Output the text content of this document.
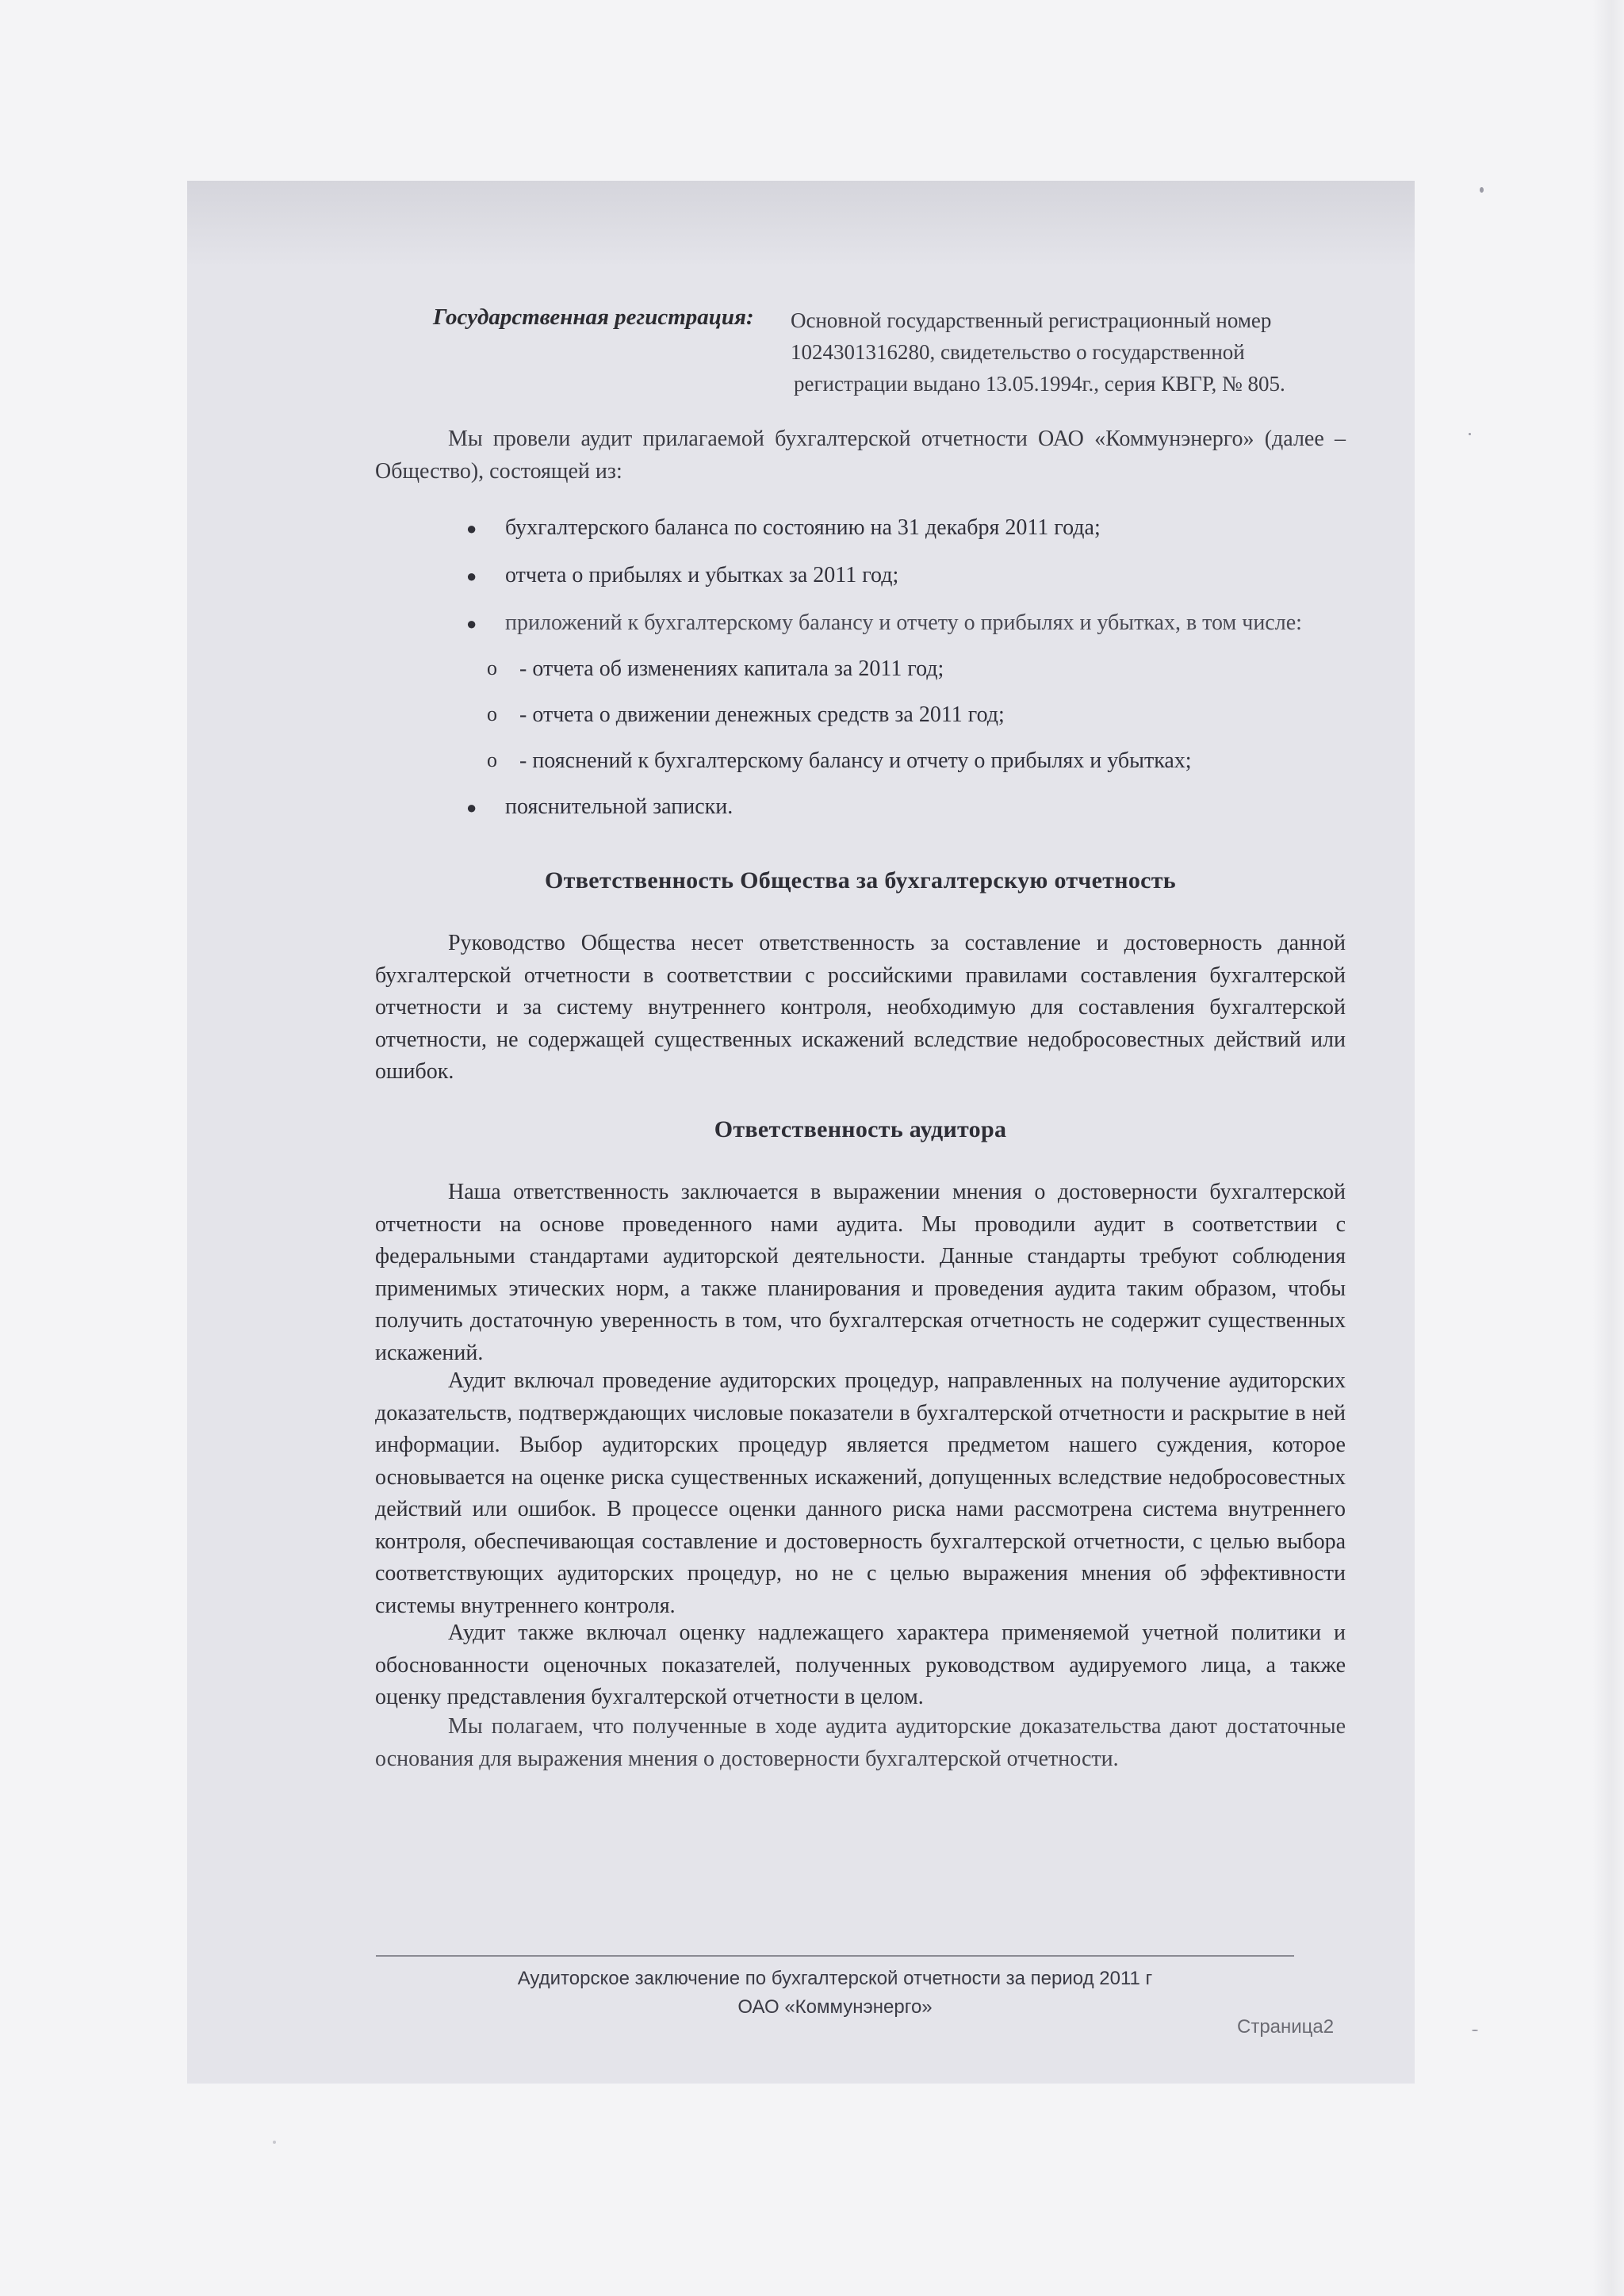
Государственная регистрация: Основной государственный регистрационный номер
1024301316280, свидетельство о государственной
регистрации выдано 13.05.1994г., серия КВГР, № 805.
Мы провели аудит прилагаемой бухгалтерской отчетности ОАО «Коммунэнерго» (далее – Общество), состоящей из:
● бухгалтерского баланса по состоянию на 31 декабря 2011 года;
● отчета о прибылях и убытках за 2011 год;
● приложений к бухгалтерскому балансу и отчету о прибылях и убытках, в том числе:
o - отчета об изменениях капитала за 2011 год;
o - отчета о движении денежных средств за 2011 год;
o - пояснений к бухгалтерскому балансу и отчету о прибылях и убытках;
● пояснительной записки.
Ответственность Общества за бухгалтерскую отчетность
Руководство Общества несет ответственность за составление и достоверность данной бухгалтерской отчетности в соответствии с российскими правилами составления бухгалтерской отчетности и за систему внутреннего контроля, необходимую для составления бухгалтерской отчетности, не содержащей существенных искажений вследствие недобросовестных действий или ошибок.
Ответственность аудитора
Наша ответственность заключается в выражении мнения о достоверности бухгалтерской отчетности на основе проведенного нами аудита. Мы проводили аудит в соответствии с федеральными стандартами аудиторской деятельности. Данные стандарты требуют соблюдения применимых этических норм, а также планирования и проведения аудита таким образом, чтобы получить достаточную уверенность в том, что бухгалтерская отчетность не содержит существенных искажений.
Аудит включал проведение аудиторских процедур, направленных на получение аудиторских доказательств, подтверждающих числовые показатели в бухгалтерской отчетности и раскрытие в ней информации. Выбор аудиторских процедур является предметом нашего суждения, которое основывается на оценке риска существенных искажений, допущенных вследствие недобросовестных действий или ошибок. В процессе оценки данного риска нами рассмотрена система внутреннего контроля, обеспечивающая составление и достоверность бухгалтерской отчетности, с целью выбора соответствующих аудиторских процедур, но не с целью выражения мнения об эффективности системы внутреннего контроля.
Аудит также включал оценку надлежащего характера применяемой учетной политики и обоснованности оценочных показателей, полученных руководством аудируемого лица, а также оценку представления бухгалтерской отчетности в целом.
Мы полагаем, что полученные в ходе аудита аудиторские доказательства дают достаточные основания для выражения мнения о достоверности бухгалтерской отчетности.
Аудиторское заключение по бухгалтерской отчетности за период 2011 г
ОАО «Коммунэнерго»
Страница2
